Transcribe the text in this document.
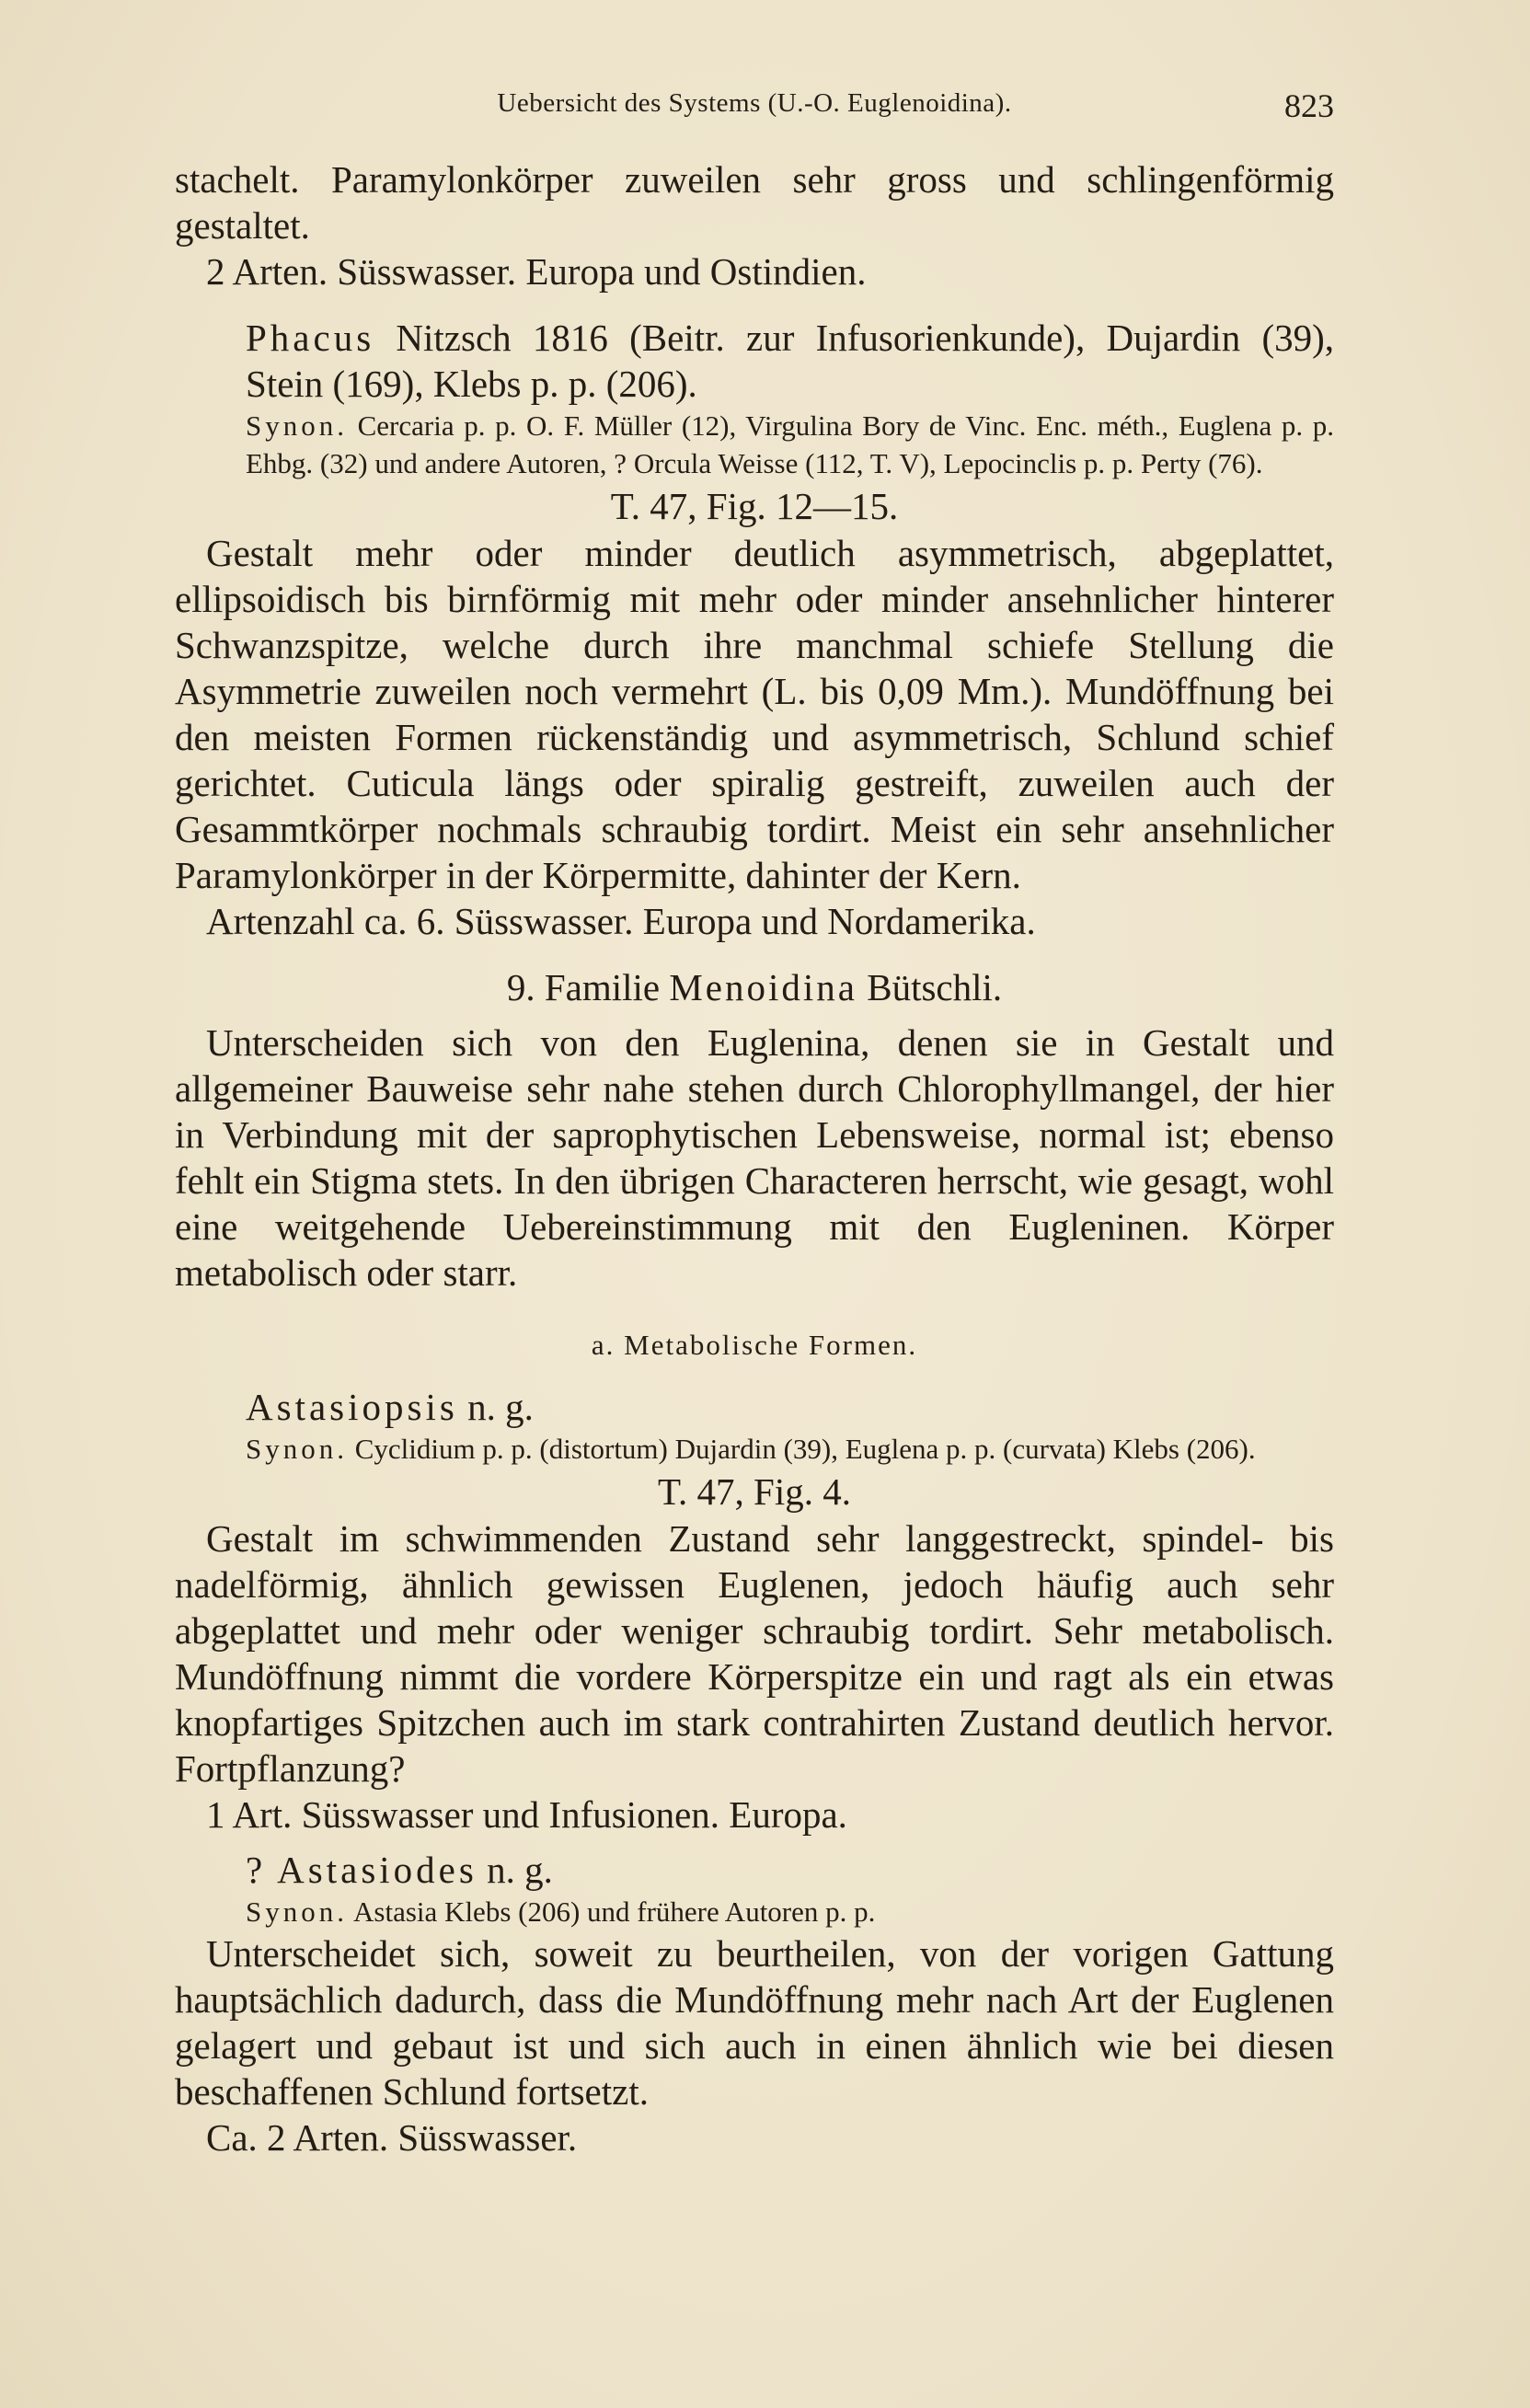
Uebersicht des Systems (U.-O. Euglenoidina).	823

stachelt. Paramylonkörper zuweilen sehr gross und schlingenförmig gestaltet.

2 Arten. Süsswasser. Europa und Ostindien.

Phacus Nitzsch 1816 (Beitr. zur Infusorienkunde), Dujardin (39), Stein (169), Klebs p. p. (206).

Synon. Cercaria p. p. O. F. Müller (12), Virgulina Bory de Vinc. Enc. méth., Euglena p. p. Ehbg. (32) und andere Autoren, ? Orcula Weisse (112, T. V), Lepocinclis p. p. Perty (76).

T. 47, Fig. 12—15.

Gestalt mehr oder minder deutlich asymmetrisch, abgeplattet, ellipsoidisch bis birnförmig mit mehr oder minder ansehnlicher hinterer Schwanzspitze, welche durch ihre manchmal schiefe Stellung die Asymmetrie zuweilen noch vermehrt (L. bis 0,09 Mm.). Mundöffnung bei den meisten Formen rückenständig und asymmetrisch, Schlund schief gerichtet. Cuticula längs oder spiralig gestreift, zuweilen auch der Gesammtkörper nochmals schraubig tordirt. Meist ein sehr ansehnlicher Paramylonkörper in der Körpermitte, dahinter der Kern.

Artenzahl ca. 6. Süsswasser. Europa und Nordamerika.

9. Familie Menoidina Bütschli.

Unterscheiden sich von den Euglenina, denen sie in Gestalt und allgemeiner Bauweise sehr nahe stehen durch Chlorophyllmangel, der hier in Verbindung mit der saprophytischen Lebensweise, normal ist; ebenso fehlt ein Stigma stets. In den übrigen Characteren herrscht, wie gesagt, wohl eine weitgehende Uebereinstimmung mit den Eugleninen. Körper metabolisch oder starr.

a. Metabolische Formen.

Astasiopsis n. g.

Synon. Cyclidium p. p. (distortum) Dujardin (39), Euglena p. p. (curvata) Klebs (206).

T. 47, Fig. 4.

Gestalt im schwimmenden Zustand sehr langgestreckt, spindel- bis nadelförmig, ähnlich gewissen Euglenen, jedoch häufig auch sehr abgeplattet und mehr oder weniger schraubig tordirt. Sehr metabolisch. Mundöffnung nimmt die vordere Körperspitze ein und ragt als ein etwas knopfartiges Spitzchen auch im stark contrahirten Zustand deutlich hervor. Fortpflanzung?

1 Art. Süsswasser und Infusionen. Europa.

? Astasiodes n. g.

Synon. Astasia Klebs (206) und frühere Autoren p. p.

Unterscheidet sich, soweit zu beurtheilen, von der vorigen Gattung hauptsächlich dadurch, dass die Mundöffnung mehr nach Art der Euglenen gelagert und gebaut ist und sich auch in einen ähnlich wie bei diesen beschaffenen Schlund fortsetzt.

Ca. 2 Arten. Süsswasser.
